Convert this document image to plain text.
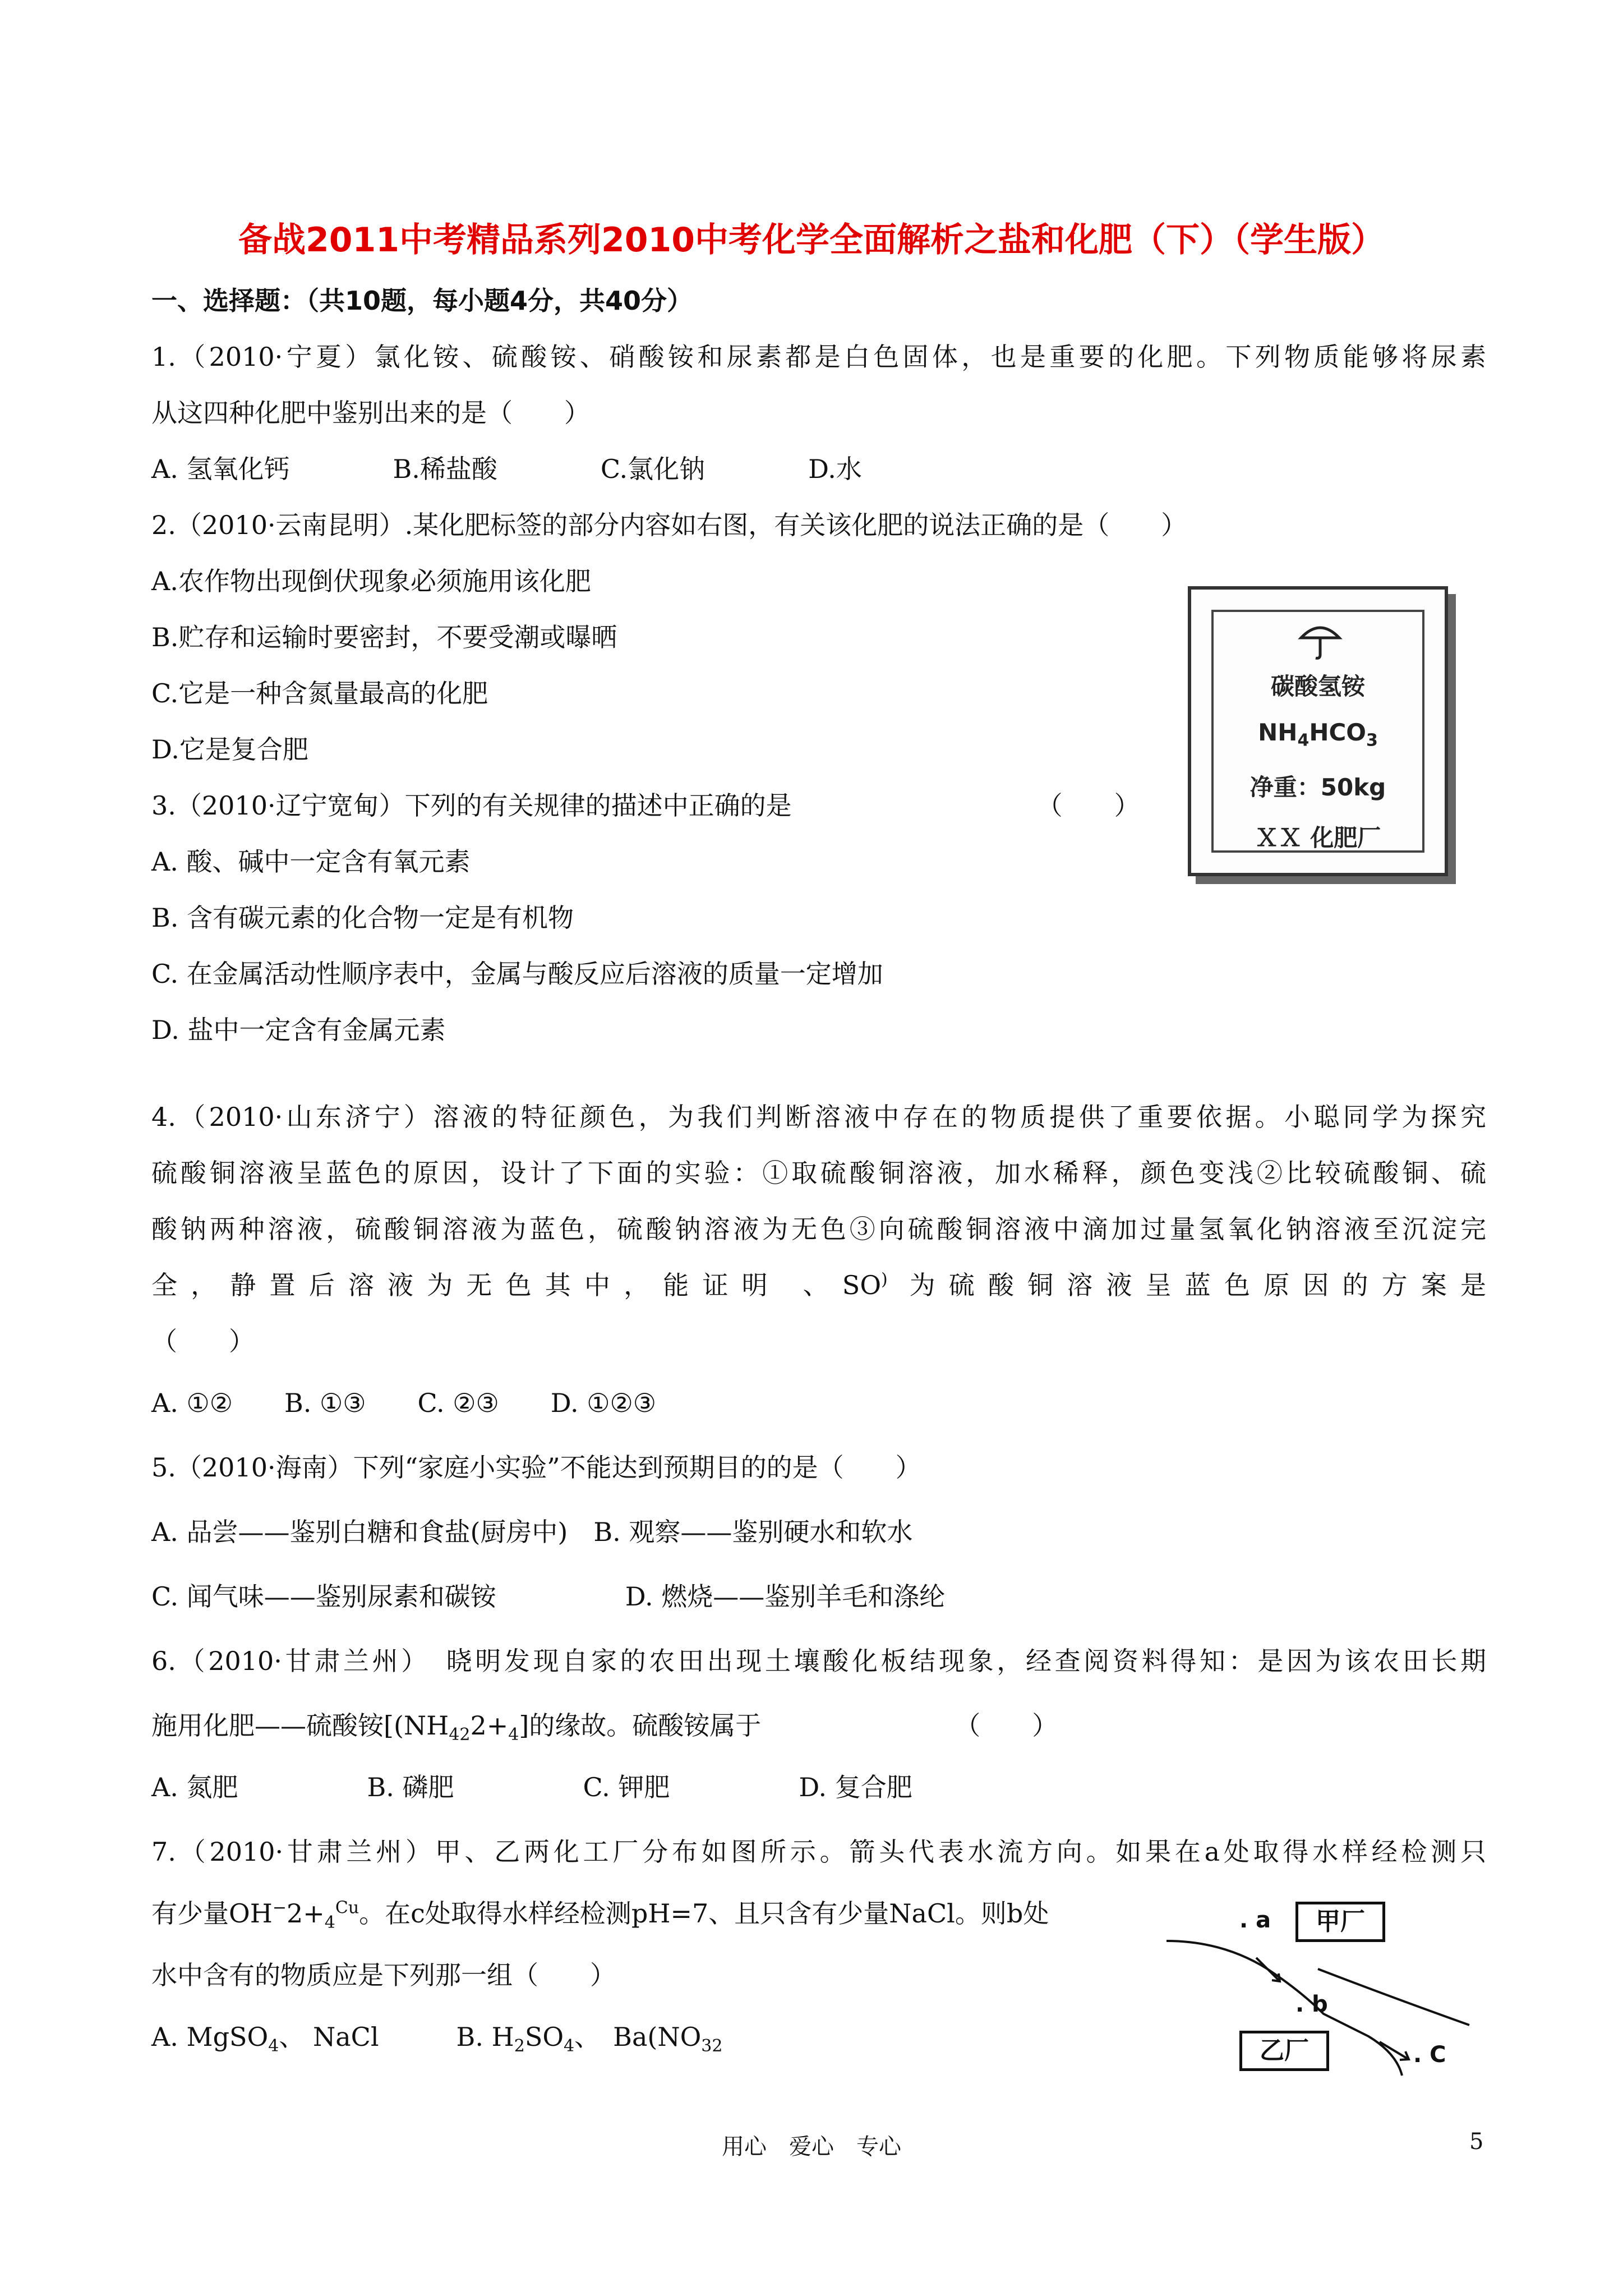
备战2011中考精品系列2010中考化学全面解析之盐和化肥（下）（学生版）
一、选择题：（共10题，每小题4分，共40分）
1.（2010·宁夏）氯化铵、硫酸铵、硝酸铵和尿素都是白色固体，也是重要的化肥。下列物质能够将尿素
从这四种化肥中鉴别出来的是（　　）
A. 氢氧化钙　　　　B.稀盐酸　　　　C.氯化钠　　　　D.水
2.（2010·云南昆明）.某化肥标签的部分内容如右图，有关该化肥的说法正确的是（　　）
A.农作物出现倒伏现象必须施用该化肥
B.贮存和运输时要密封，不要受潮或曝晒
C.它是一种含氮量最高的化肥
D.它是复合肥
3.（2010·辽宁宽甸）下列的有关规律的描述中正确的是　　　　　　　　　　（　　）
A. 酸、碱中一定含有氧元素
B. 含有碳元素的化合物一定是有机物
C. 在金属活动性顺序表中，金属与酸反应后溶液的质量一定增加
D. 盐中一定含有金属元素
4.（2010·山东济宁）溶液的特征颜色，为我们判断溶液中存在的物质提供了重要依据。小聪同学为探究
硫酸铜溶液呈蓝色的原因，设计了下面的实验：①取硫酸铜溶液，加水稀释，颜色变浅②比较硫酸铜、硫
酸钠两种溶液，硫酸铜溶液为蓝色，硫酸钠溶液为无色③向硫酸铜溶液中滴加过量氢氧化钠溶液至沉淀完
全，静置后溶液为无色其中，能证明 、SO) 为硫酸铜溶液呈蓝色原因的方案是
（　　）
A. ①②　　B. ①③　　C. ②③　　D. ①②③
5.（2010·海南）下列“家庭小实验”不能达到预期目的的是（　　）
A. 品尝——鉴别白糖和食盐(厨房中)　B. 观察——鉴别硬水和软水
C. 闻气味——鉴别尿素和碳铵　　　　　D. 燃烧——鉴别羊毛和涤纶
6.（2010·甘肃兰州）　晓明发现自家的农田出现土壤酸化板结现象，经查阅资料得知：是因为该农田长期
施用化肥——硫酸铵[$(NH_{42}2+_4]$的缘故。硫酸铵属于　　　　　　　　（　　）
A. 氮肥　　　　　B. 磷肥　　　　　C. 钾肥　　　　　D. 复合肥
7.（2010·甘肃兰州）甲、乙两化工厂分布如图所示。箭头代表水流方向。如果在a处取得水样经检测只
有少量$OH^-2+_4^{Cu}$。在c处取得水样经检测pH=7、且只含有少量NaCl。则b处
水中含有的物质应是下列那一组（　　）
A. MgSO$_4$、 NaCl　　　B. $H_2SO_4$、　$Ba(NO_{32}$
碳酸氢铵
$NH_4HCO_3$
净重：50kg
ＸＸ 化肥厂
. a	甲厂
. b
乙厂	. C
用心　爱心　专心	5
